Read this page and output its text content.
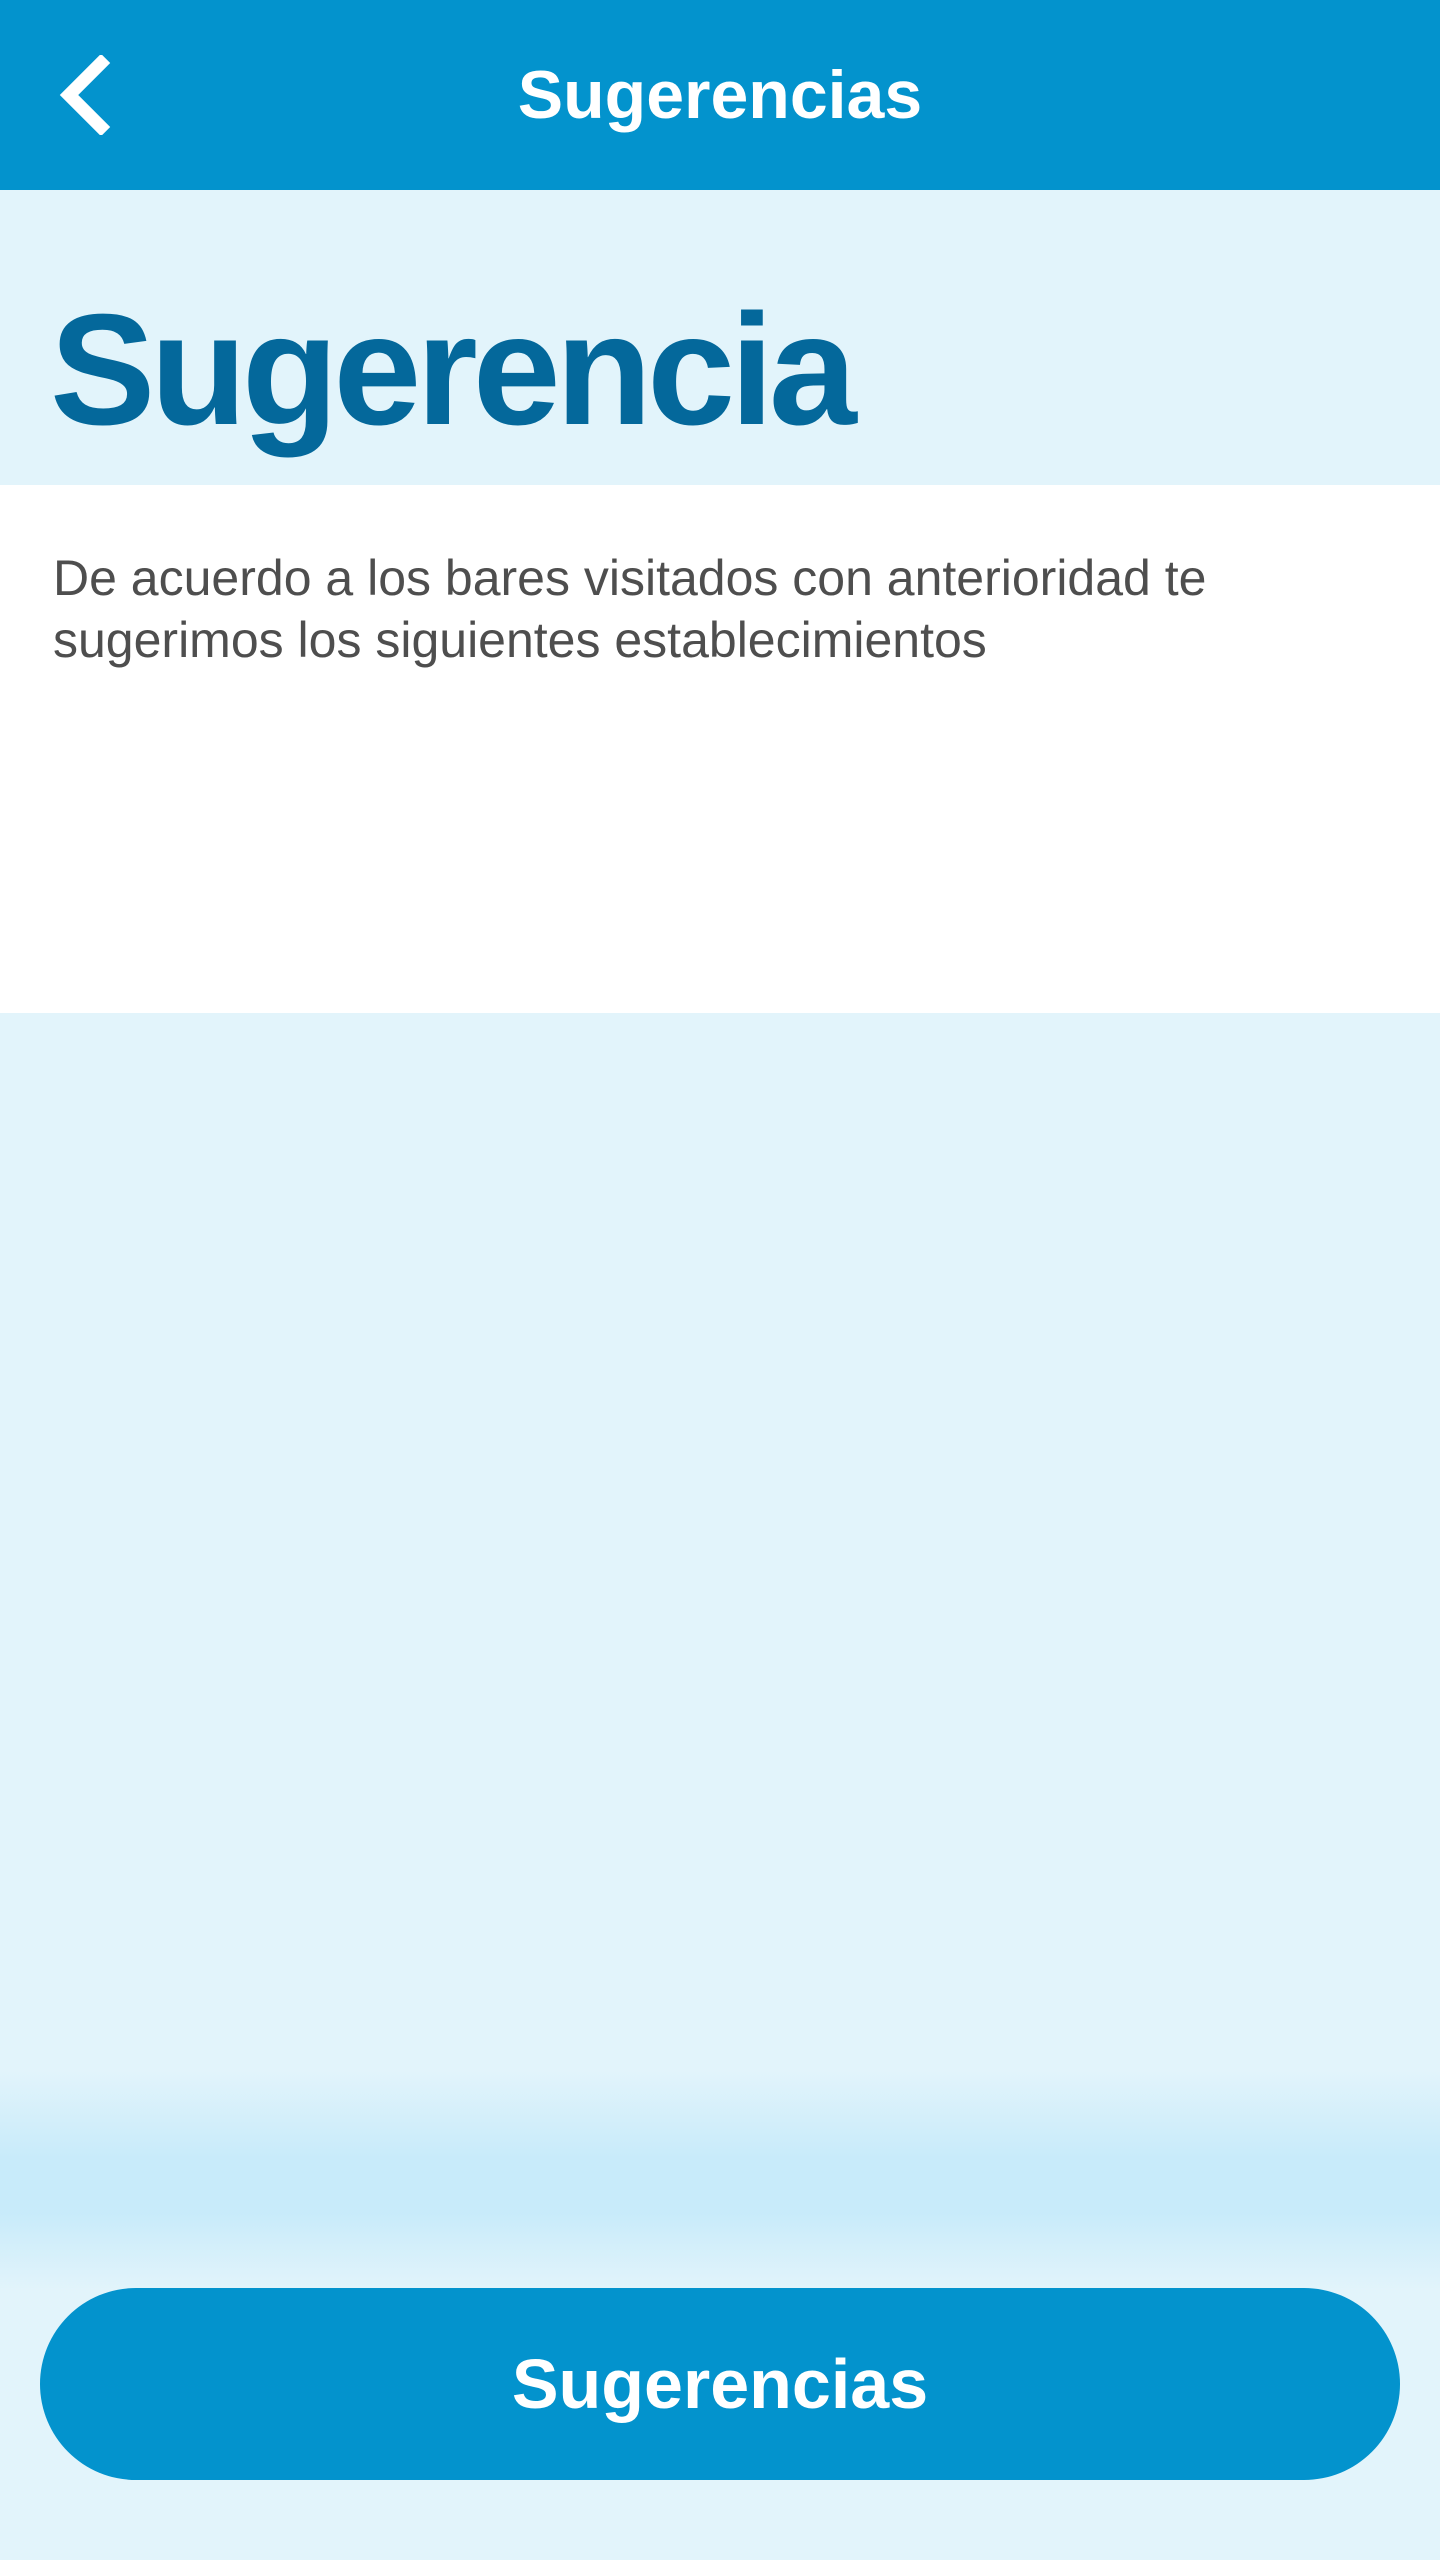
Sugerencias
Sugerencia

De acuerdo a los bares visitados con anterioridad te sugerimos los siguientes establecimientos

Sugerencias
